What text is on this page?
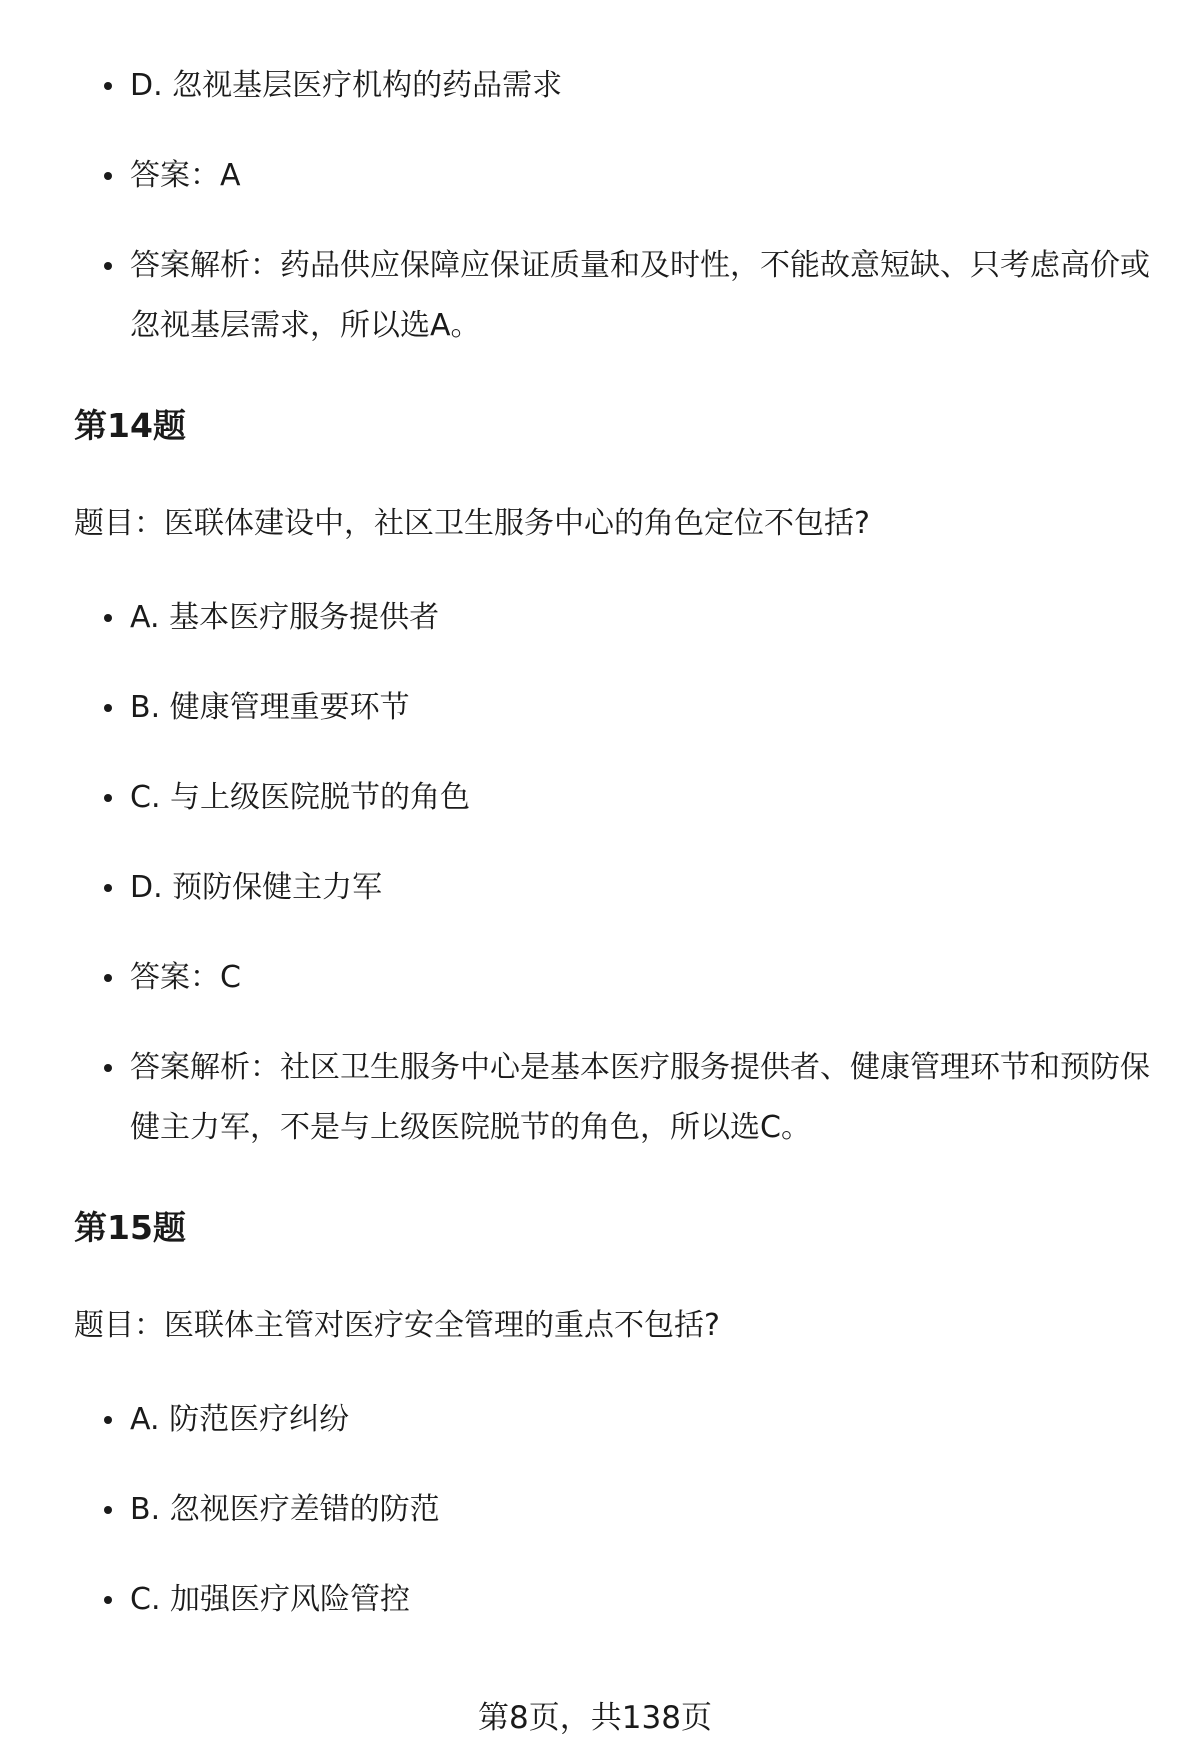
D. 忽视基层医疗机构的药品需求
答案：A
答案解析：药品供应保障应保证质量和及时性，不能故意短缺、只考虑高价或忽视基层需求，所以选A。
第14题
题目：医联体建设中，社区卫生服务中心的角色定位不包括?
A. 基本医疗服务提供者
B. 健康管理重要环节
C. 与上级医院脱节的角色
D. 预防保健主力军
答案：C
答案解析：社区卫生服务中心是基本医疗服务提供者、健康管理环节和预防保健主力军，不是与上级医院脱节的角色，所以选C。
第15题
题目：医联体主管对医疗安全管理的重点不包括?
A. 防范医疗纠纷
B. 忽视医疗差错的防范
C. 加强医疗风险管控
第8页，共138页
